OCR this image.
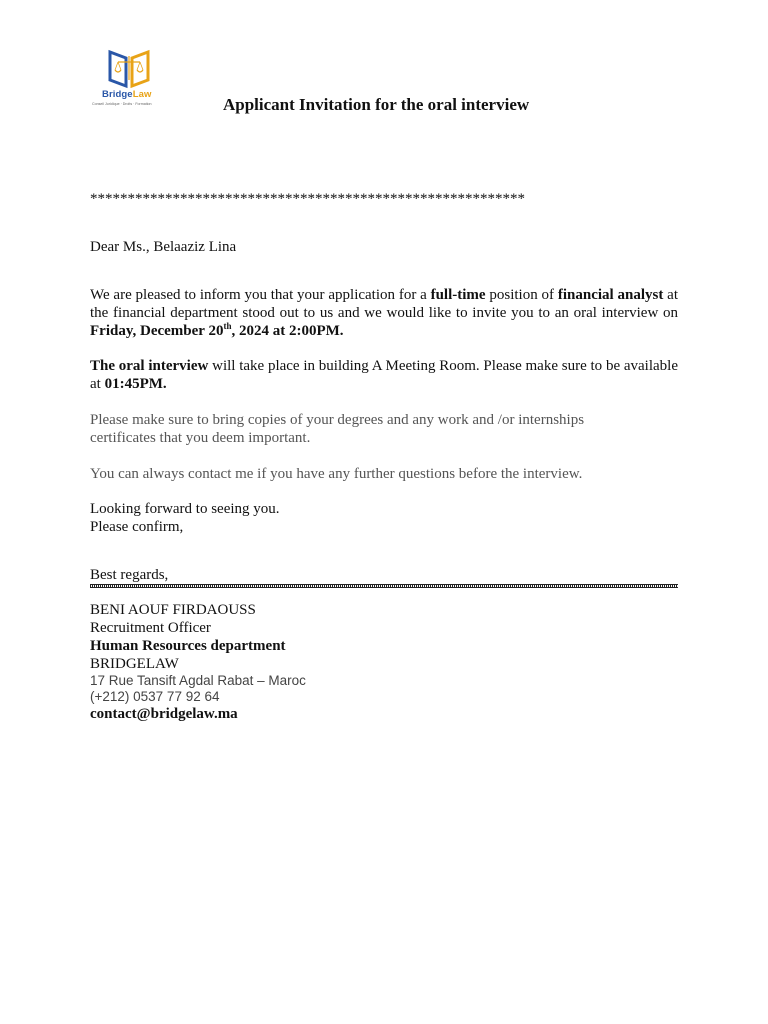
BridgeLaw
Conseil Juridique · Droits · Formation	Applicant Invitation for the oral interview
**********************************************************
Dear Ms., Belaaziz Lina
We are pleased to inform you that your application for a full-time position of financial analyst at the financial department stood out to us and we would like to invite you to an oral interview on Friday, December 20th, 2024 at 2:00PM.
The oral interview will take place in building A Meeting Room. Please make sure to be available at 01:45PM.
Please make sure to bring copies of your degrees and any work and /or internships certificates that you deem important.
You can always contact me if you have any further questions before the interview.
Looking forward to seeing you.
Please confirm,
Best regards,
BENI AOUF FIRDAOUSS
Recruitment Officer
Human Resources department
BRIDGELAW
17 Rue Tansift Agdal Rabat – Maroc
(+212) 0537 77 92 64
contact@bridgelaw.ma
